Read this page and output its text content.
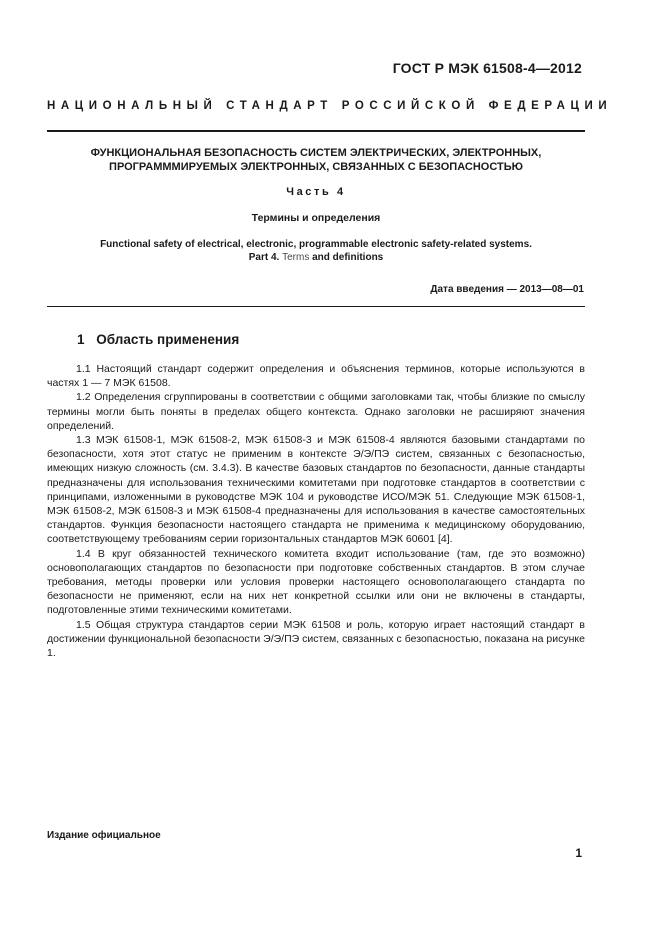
ГОСТ Р МЭК 61508-4—2012
НАЦИОНАЛЬНЫЙ СТАНДАРТ РОССИЙСКОЙ ФЕДЕРАЦИИ
ФУНКЦИОНАЛЬНАЯ БЕЗОПАСНОСТЬ СИСТЕМ ЭЛЕКТРИЧЕСКИХ, ЭЛЕКТРОННЫХ,
ПРОГРАМММИРУЕМЫХ ЭЛЕКТРОННЫХ, СВЯЗАННЫХ С БЕЗОПАСНОСТЬЮ
Часть 4
Термины и определения
Functional safety of electrical, electronic, programmable electronic safety-related systems.
Part 4. Terms and definitions
Дата введения — 2013—08—01
1 Область применения

1.1 Настоящий стандарт содержит определения и объяснения терминов, которые используются в частях 1 — 7 МЭК 61508.

1.2 Определения сгруппированы в соответствии с общими заголовками так, чтобы близкие по смыслу термины могли быть поняты в пределах общего контекста. Однако заголовки не расширяют значения определений.

1.3 МЭК 61508-1, МЭК 61508-2, МЭК 61508-3 и МЭК 61508-4 являются базовыми стандартами по безопасности, хотя этот статус не применим в контексте Э/Э/ПЭ систем, связанных с безопасностью, имеющих низкую сложность (см. 3.4.3). В качестве базовых стандартов по безопасности, данные стандарты предназначены для использования техническими комитетами при подготовке стандартов в соответствии с принципами, изложенными в руководстве МЭК 104 и руководстве ИСО/МЭК 51. Следующие МЭК 61508-1, МЭК 61508-2, МЭК 61508-3 и МЭК 61508-4 предназначены для использования в качестве самостоятельных стандартов. Функция безопасности настоящего стандарта не применима к медицинскому оборудованию, соответствующему требованиям серии горизонтальных стандартов МЭК 60601 [4].

1.4 В круг обязанностей технического комитета входит использование (там, где это возможно) основополагающих стандартов по безопасности при подготовке собственных стандартов. В этом случае требования, методы проверки или условия проверки настоящего основополагающего стандарта по безопасности не применяют, если на них нет конкретной ссылки или они не включены в стандарты, подготовленные этими техническими комитетами.

1.5 Общая структура стандартов серии МЭК 61508 и роль, которую играет настоящий стандарт в достижении функциональной безопасности Э/Э/ПЭ систем, связанных с безопасностью, показана на рисунке 1.

Издание официальное
1
